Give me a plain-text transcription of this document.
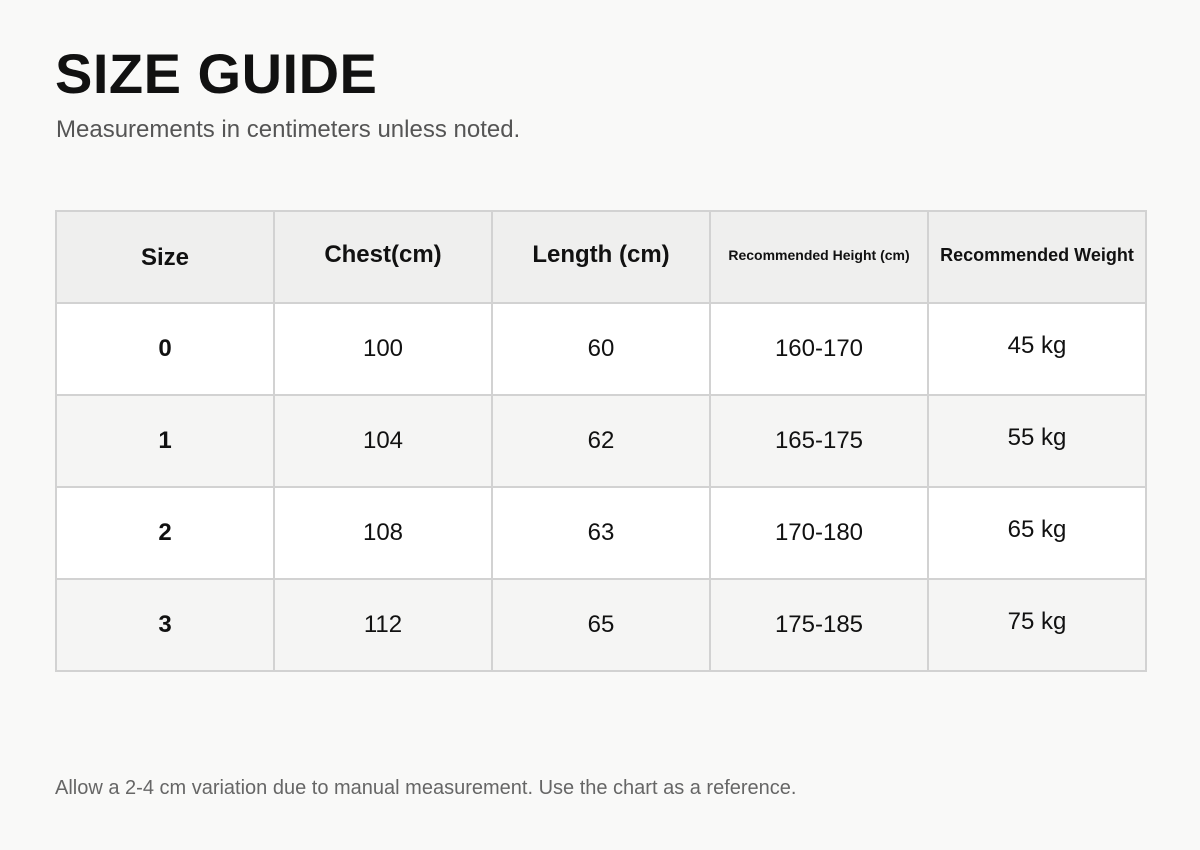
SIZE GUIDE

Measurements in centimeters unless noted.

Size	Chest(cm)	Length (cm)	Recommended Height (cm)	Recommended Weight
0	100	60	160-170	45 kg
1	104	62	165-175	55 kg
2	108	63	170-180	65 kg
3	112	65	175-185	75 kg

Allow a 2-4 cm variation due to manual measurement. Use the chart as a reference.
